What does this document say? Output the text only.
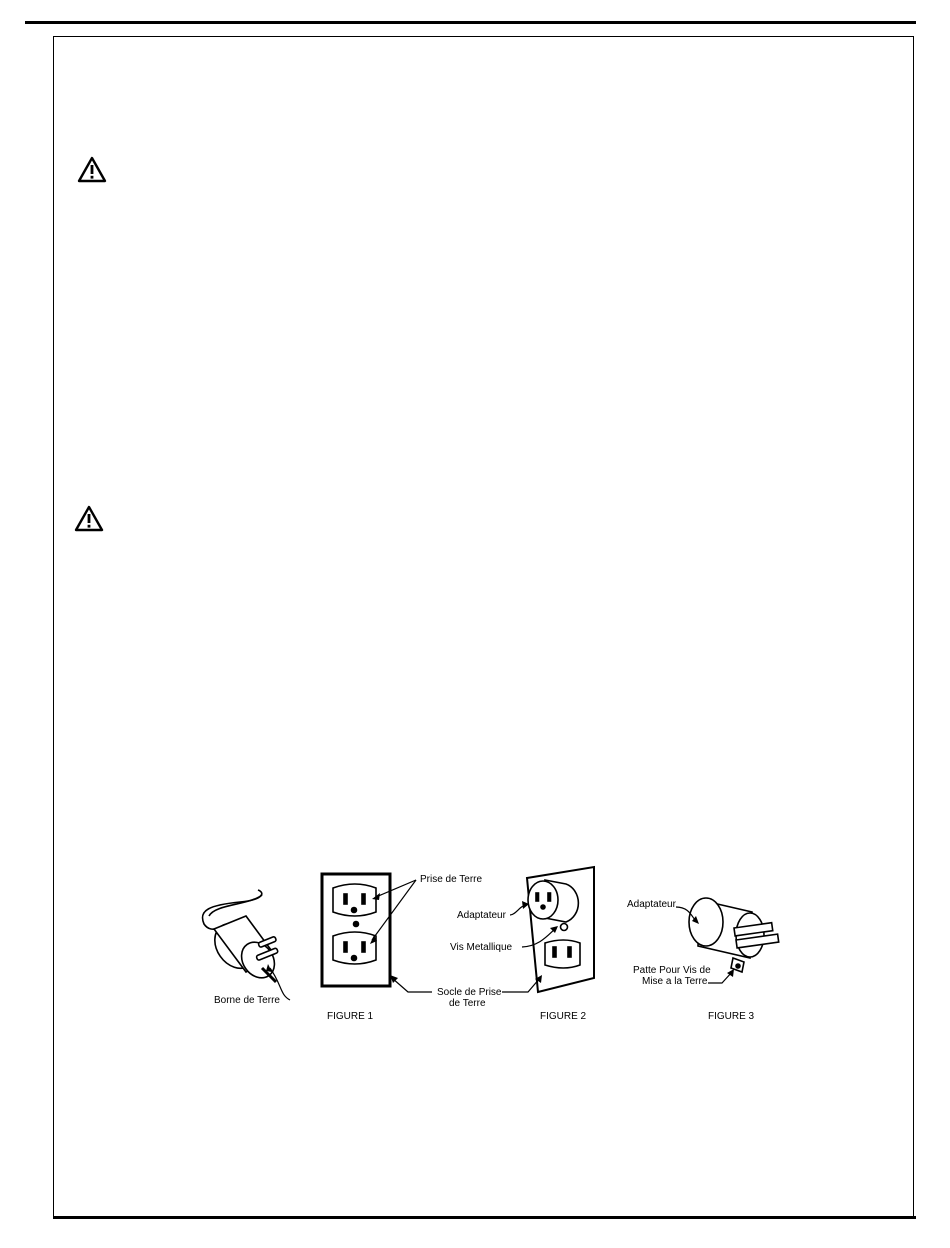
Prise de Terre
Borne de Terre
Socle de Prise
de Terre
FIGURE 1
Adaptateur
Vis Metallique
FIGURE 2
Adaptateur
Patte Pour Vis de
Mise a la Terre
FIGURE 3
